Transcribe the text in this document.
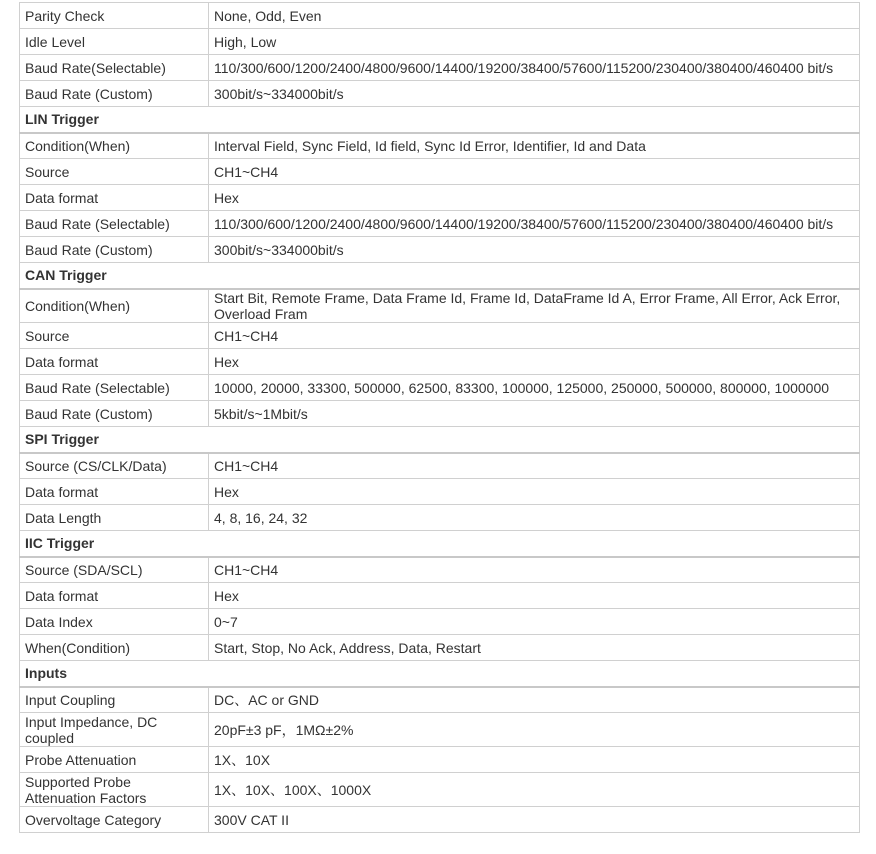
Parity Check	None, Odd, Even

Idle Level	High, Low

Baud Rate(Selectable)	110/300/600/1200/2400/4800/9600/14400/19200/38400/57600/115200/230400/380400/460400 bit/s

Baud Rate (Custom)	300bit/s~334000bit/s

LIN Trigger	

Condition(When)	Interval Field, Sync Field, Id field, Sync Id Error, Identifier, Id and Data

Source	CH1~CH4

Data format	Hex

Baud Rate (Selectable)	110/300/600/1200/2400/4800/9600/14400/19200/38400/57600/115200/230400/380400/460400 bit/s

Baud Rate (Custom)	300bit/s~334000bit/s

CAN Trigger	

Condition(When)	Start Bit, Remote Frame, Data Frame Id, Frame Id, DataFrame Id A, Error Frame, All Error, Ack Error, Overload Fram

Source	CH1~CH4

Data format	Hex

Baud Rate (Selectable)	10000, 20000, 33300, 500000, 62500, 83300, 100000, 125000, 250000, 500000, 800000, 1000000

Baud Rate (Custom)	5kbit/s~1Mbit/s

SPI Trigger	

Source (CS/CLK/Data)	CH1~CH4

Data format	Hex

Data Length	4, 8, 16, 24, 32

IIC Trigger	

Source (SDA/SCL)	CH1~CH4

Data format	Hex

Data Index	0~7

When(Condition)	Start, Stop, No Ack, Address, Data, Restart

Inputs	

Input Coupling	DC、AC or GND

Input Impedance, DC coupled	20pF±3 pF，1MΩ±2%

Probe Attenuation	1X、10X

Supported Probe Attenuation Factors	1X、10X、100X、1000X

Overvoltage Category	300V CAT II
